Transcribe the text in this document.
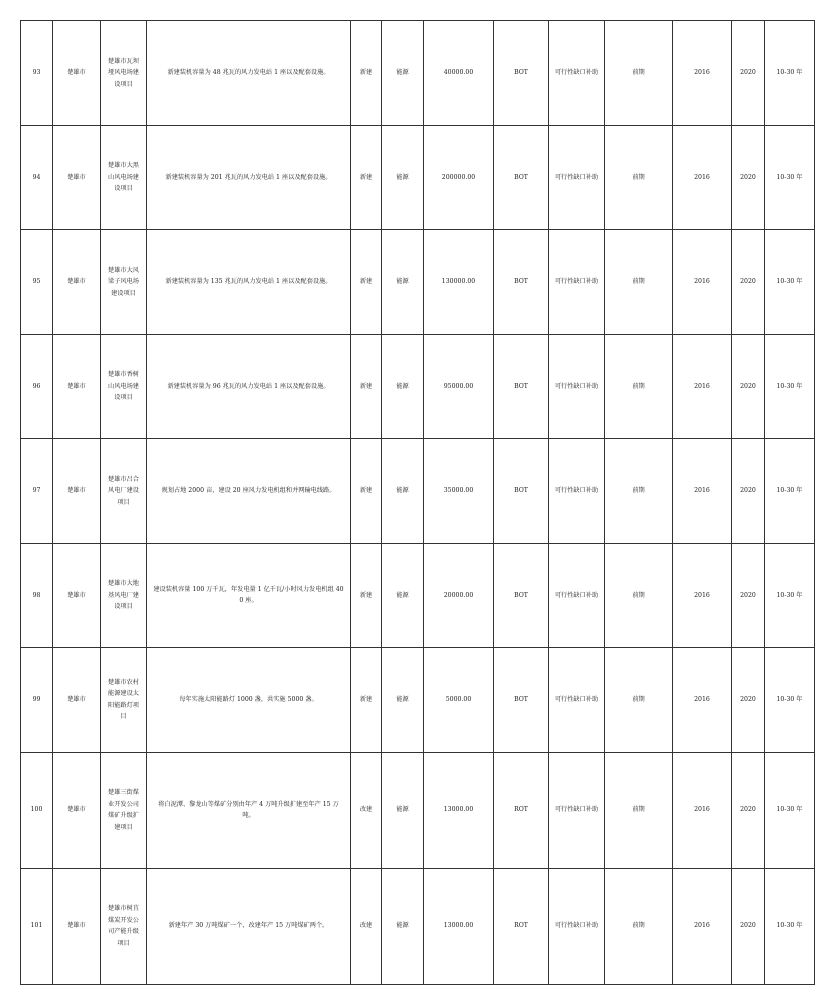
93	楚雄市	楚雄市瓦坝垭风电场建设项目	新建装机容量为 48 兆瓦的风力发电站 1 座以及配套设施。	新建	能源	40000.00	BOT	可行性缺口补助	前期	2016	2020	10-30 年	
94	楚雄市	楚雄市大黑山风电场建设项目	新建装机容量为 201 兆瓦的风力发电站 1 座以及配套设施。	新建	能源	200000.00	BOT	可行性缺口补助	前期	2016	2020	10-30 年	
95	楚雄市	楚雄市大风梁子风电场建设项目	新建装机容量为 135 兆瓦的风力发电站 1 座以及配套设施。	新建	能源	130000.00	BOT	可行性缺口补助	前期	2016	2020	10-30 年	
96	楚雄市	楚雄市香树山风电场建设项目	新建装机容量为 96 兆瓦的风力发电站 1 座以及配套设施。	新建	能源	95000.00	BOT	可行性缺口补助	前期	2016	2020	10-30 年	
97	楚雄市	楚雄市吕合风电厂建设项目	规划占地 2000 亩，建设 20 座风力发电机组和并网输电线路。	新建	能源	35000.00	BOT	可行性缺口补助	前期	2016	2020	10-30 年	
98	楚雄市	楚雄市大地基风电厂建设项目	建设装机容量 100 万千瓦，年发电量 1 亿千瓦/小时风力发电机组 400 座。	新建	能源	20000.00	BOT	可行性缺口补助	前期	2016	2020	10-30 年	
99	楚雄市	楚雄市农村能源建设太阳能路灯项目	每年实施太阳能路灯 1000 盏，共实施 5000 盏。	新建	能源	5000.00	BOT	可行性缺口补助	前期	2016	2020	10-30 年	
100	楚雄市	楚雄三街煤业开发公司煤矿升级扩建项目	将白泥潭、黎龙山等煤矿分别由年产 4 万吨升级扩建至年产 15 万吨。	改建	能源	13000.00	ROT	可行性缺口补助	前期	2016	2020	10-30 年	
101	楚雄市	楚雄市树苴煤炭开发公司产能升级项目	新建年产 30 万吨煤矿一个，改建年产 15 万吨煤矿两个。	改建	能源	13000.00	ROT	可行性缺口补助	前期	2016	2020	10-30 年	
